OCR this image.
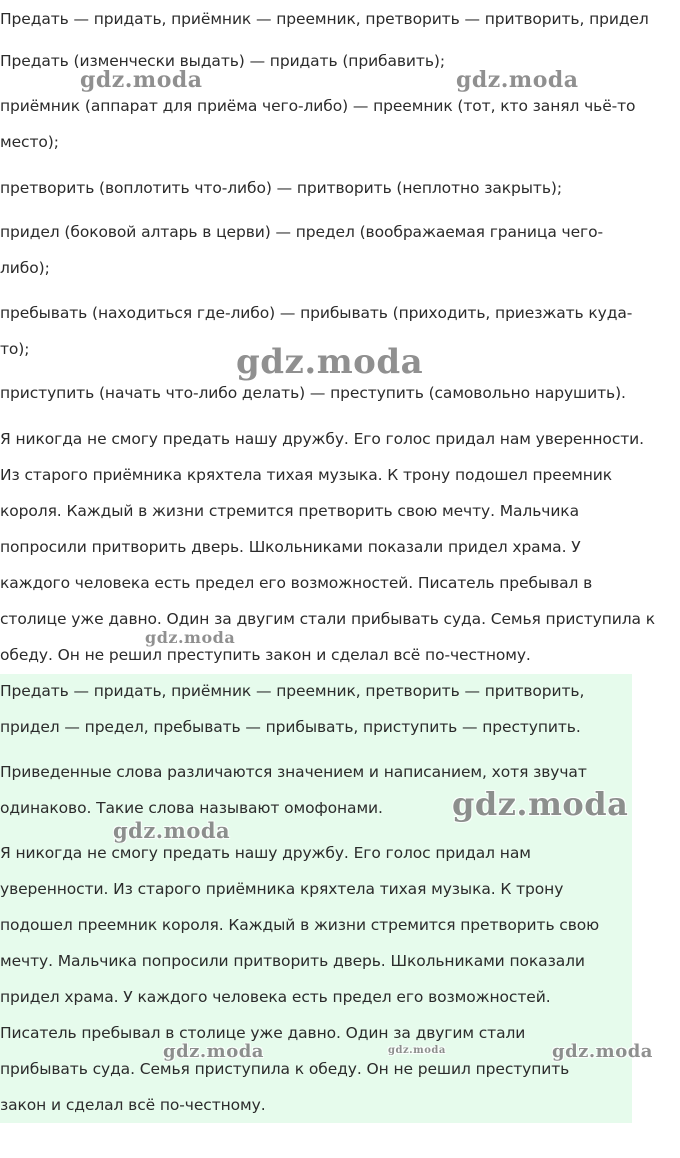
Предать — придать, приёмник — преемник, претворить — притворить, придел
Предать (изменчески выдать) — придать (прибавить);
приёмник (аппарат для приёма чего-либо) — преемник (тот, кто занял чьё-то
место);
претворить (воплотить что-либо) — притворить (неплотно закрыть);
придел (боковой алтарь в церви) — предел (воображаемая граница чего-
либо);
пребывать (находиться где-либо) — прибывать (приходить, приезжать куда-
то);
приступить (начать что-либо делать) — преступить (самовольно нарушить).
Я никогда не смогу предать нашу дружбу. Его голос придал нам уверенности.
Из старого приёмника кряхтела тихая музыка. К трону подошел преемник
короля. Каждый в жизни стремится претворить свою мечту. Мальчика
попросили притворить дверь. Школьниками показали придел храма. У
каждого человека есть предел его возможностей. Писатель пребывал в
столице уже давно. Один за двугим стали прибывать суда. Семья приступила к
обеду. Он не решил преступить закон и сделал всё по-честному.
Предать — придать, приёмник — преемник, претворить — притворить,
придел — предел, пребывать — прибывать, приступить — преступить.
Приведенные слова различаются значением и написанием, хотя звучат
одинаково. Такие слова называют омофонами.
Я никогда не смогу предать нашу дружбу. Его голос придал нам
уверенности. Из старого приёмника кряхтела тихая музыка. К трону
подошел преемник короля. Каждый в жизни стремится претворить свою
мечту. Мальчика попросили притворить дверь. Школьниками показали
придел храма. У каждого человека есть предел его возможностей.
Писатель пребывал в столице уже давно. Один за двугим стали
прибывать суда. Семья приступила к обеду. Он не решил преступить
закон и сделал всё по-честному.
gdz.moda	gdz.moda
gdz.moda
gdz.moda
gdz.moda
gdz.moda
gdz.moda	gdz.moda	gdz.moda
